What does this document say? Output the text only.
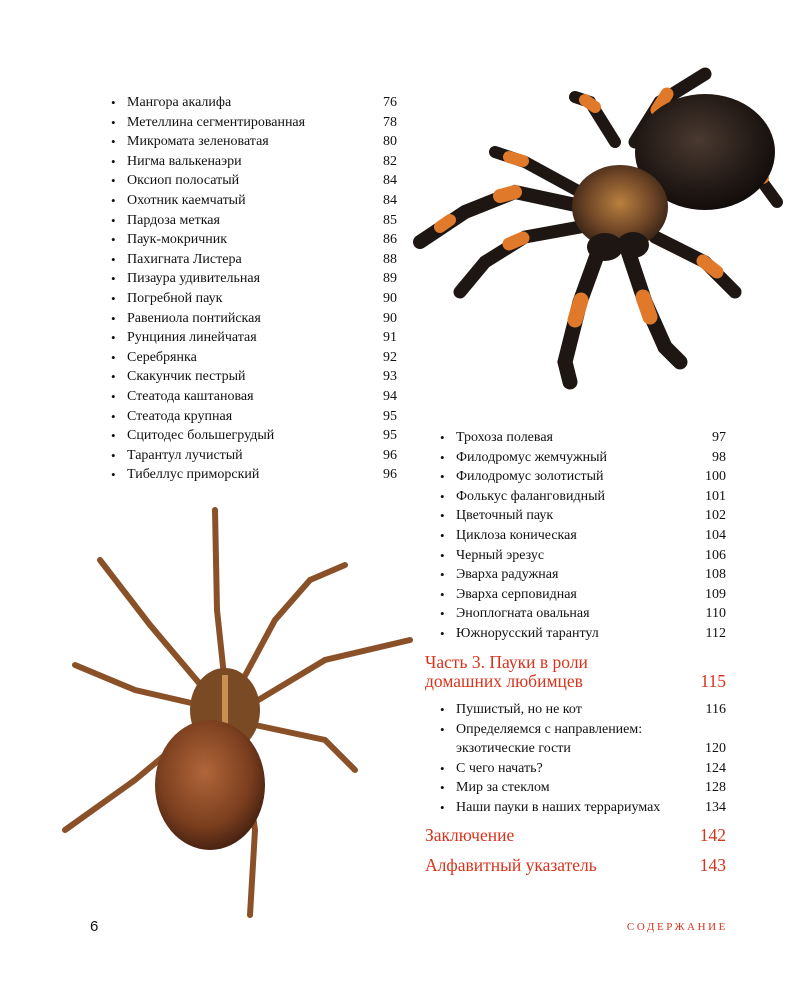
• Мангора акалифа	76
• Метеллина сегментированная	78
• Микромата зеленоватая	80
• Нигма валькенаэри	82
• Оксиоп полосатый	84
• Охотник каемчатый	84
• Пардоза меткая	85
• Паук-мокричник	86
• Пахигната Листера	88
• Пизаура удивительная	89
• Погребной паук	90
• Равениола понтийская	90
• Рунциния линейчатая	91
• Серебрянка	92
• Скакунчик пестрый	93
• Стеатода каштановая	94
• Стеатода крупная	95
• Сцитодес большегрудый	95
• Тарантул лучистый	96
• Тибеллус приморский	96
• Трохоза полевая	97
• Филодромус жемчужный	98
• Филодромус золотистый	100
• Фолькус фалангoвидный	101
• Цветочный паук	102
• Циклоза коническая	104
• Черный эрезус	106
• Эварха радужная	108
• Эварха серповидная	109
• Эноплогната овальная	110
• Южнорусский тарантул	112
Часть 3. Пауки в роли
домашних любимцев	115
• Пушистый, но не кот	116
• Определяемся с направлением:
экзотические гости	120
• С чего начать?	124
• Мир за стеклом	128
• Наши пауки в наших террариумах	134
Заключение	142
Алфавитный указатель	143
6	СОДЕРЖАНИЕ
